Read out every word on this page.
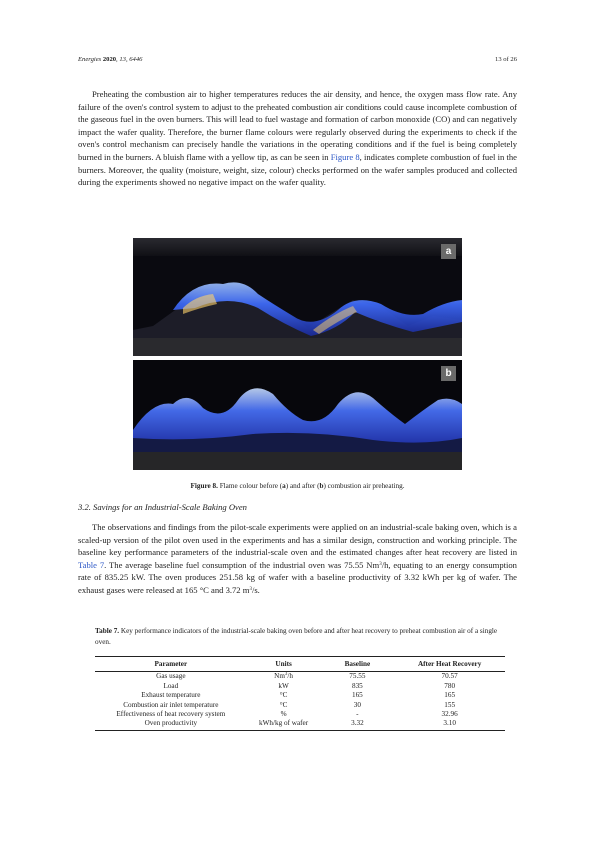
Energies 2020, 13, 6446	13 of 26

Preheating the combustion air to higher temperatures reduces the air density, and hence, the oxygen mass flow rate. Any failure of the oven's control system to adjust to the preheated combustion air conditions could cause incomplete combustion of the gaseous fuel in the oven burners. This will lead to fuel wastage and formation of carbon monoxide (CO) and can negatively impact the wafer quality. Therefore, the burner flame colours were regularly observed during the experiments to check if the oven's control mechanism can precisely handle the variations in the operating conditions and if the fuel is being completely burned in the burners. A bluish flame with a yellow tip, as can be seen in Figure 8, indicates complete combustion of fuel in the burners. Moreover, the quality (moisture, weight, size, colour) checks performed on the wafer samples produced and collected during the experiments showed no negative impact on the wafer quality.

a
b
Figure 8. Flame colour before (a) and after (b) combustion air preheating.
3.2. Savings for an Industrial-Scale Baking Oven

The observations and findings from the pilot-scale experiments were applied on an industrial-scale baking oven, which is a scaled-up version of the pilot oven used in the experiments and has a similar design, construction and working principle. The baseline key performance parameters of the industrial-scale oven and the estimated changes after heat recovery are listed in Table 7. The average baseline fuel consumption of the industrial oven was 75.55 Nm$^3$/h, equating to an energy consumption rate of 835.25 kW. The oven produces 251.58 kg of wafer with a baseline productivity of 3.32 kWh per kg of wafer. The exhaust gases were released at 165 °C and 3.72 $m^3/s$.

Table 7. Key performance indicators of the industrial-scale baking oven before and after heat recovery to preheat combustion air of a single oven.
Parameter	Units	Baseline	After Heat Recovery
Gas usage	Nm$^3$/h	75.55	70.57
Load	kW	835	780
Exhaust temperature	°C	165	165
Combustion air inlet temperature	°C	30	155
Effectiveness of heat recovery system	%	-	32.96
Oven productivity	kWh/kg of wafer	3.32	3.10
